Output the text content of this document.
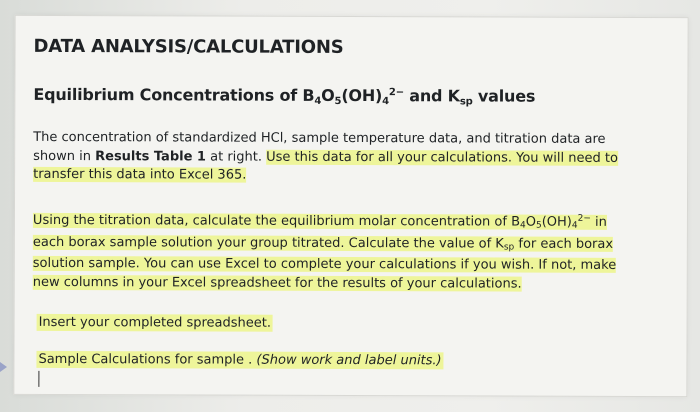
DATA ANALYSIS/CALCULATIONS
Equilibrium Concentrations of $B_4O_5(OH)_4^{2-}$ and $K_{sp}$ values
The concentration of standardized HCl, sample temperature data, and titration data are
shown in Results Table 1 at right. Use this data for all your calculations. You will need to
transfer this data into Excel 365.
Using the titration data, calculate the equilibrium molar concentration of $B_4O_5(OH)_4^{2-}$ in
each borax sample solution your group titrated. Calculate the value of $K_{sp}$ for each borax
solution sample. You can use Excel to complete your calculations if you wish. If not, make
new columns in your Excel spreadsheet for the results of your calculations.
Insert your completed spreadsheet.
Sample Calculations for sample . (Show work and label units.)
